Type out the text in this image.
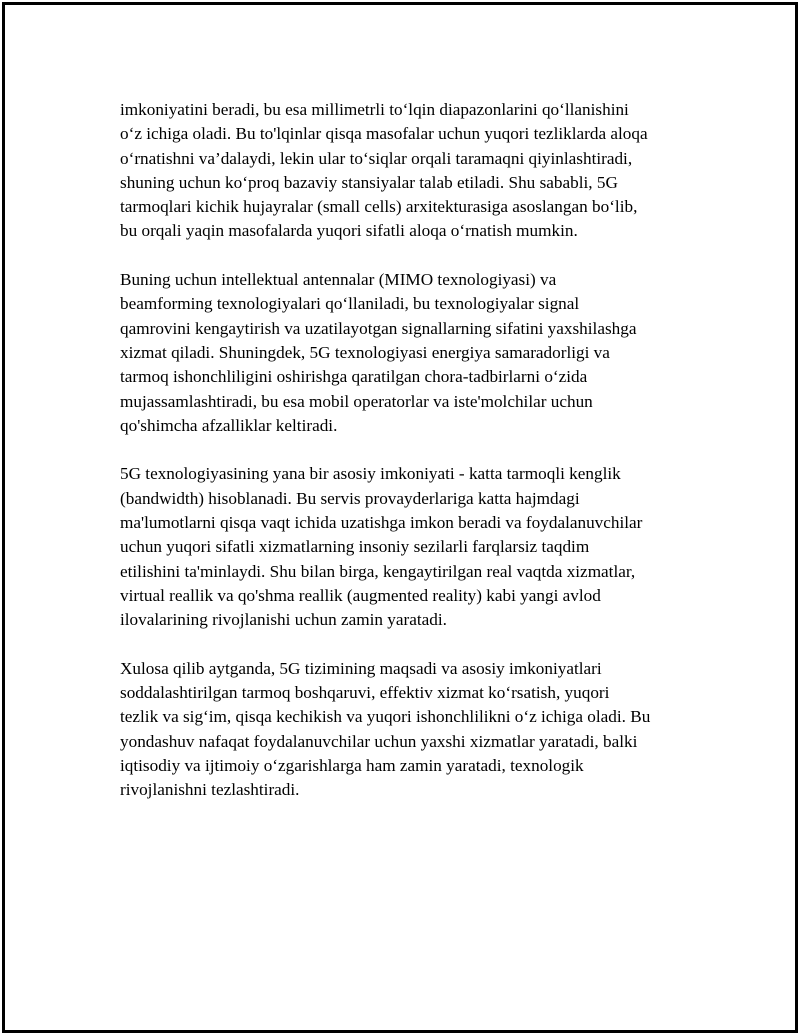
imkoniyatini beradi, bu esa millimetrli to‘lqin diapazonlarini qo‘llanishini
o‘z ichiga oladi. Bu to'lqinlar qisqa masofalar uchun yuqori tezliklarda aloqa
o‘rnatishni va’dalaydi, lekin ular to‘siqlar orqali taramaqni qiyinlashtiradi,
shuning uchun ko‘proq bazaviy stansiyalar talab etiladi. Shu sababli, 5G
tarmoqlari kichik hujayralar (small cells) arxitekturasiga asoslangan bo‘lib,
bu orqali yaqin masofalarda yuqori sifatli aloqa o‘rnatish mumkin.

Buning uchun intellektual antennalar (MIMO texnologiyasi) va
beamforming texnologiyalari qo‘llaniladi, bu texnologiyalar signal
qamrovini kengaytirish va uzatilayotgan signallarning sifatini yaxshilashga
xizmat qiladi. Shuningdek, 5G texnologiyasi energiya samaradorligi va
tarmoq ishonchliligini oshirishga qaratilgan chora-tadbirlarni o‘zida
mujassamlashtiradi, bu esa mobil operatorlar va iste'molchilar uchun
qo'shimcha afzalliklar keltiradi.

5G texnologiyasining yana bir asosiy imkoniyati - katta tarmoqli kenglik
(bandwidth) hisoblanadi. Bu servis provayderlariga katta hajmdagi
ma'lumotlarni qisqa vaqt ichida uzatishga imkon beradi va foydalanuvchilar
uchun yuqori sifatli xizmatlarning insoniy sezilarli farqlarsiz taqdim
etilishini ta'minlaydi. Shu bilan birga, kengaytirilgan real vaqtda xizmatlar,
virtual reallik va qo'shma reallik (augmented reality) kabi yangi avlod
ilovalarining rivojlanishi uchun zamin yaratadi.

Xulosa qilib aytganda, 5G tizimining maqsadi va asosiy imkoniyatlari
soddalashtirilgan tarmoq boshqaruvi, effektiv xizmat ko‘rsatish, yuqori
tezlik va sig‘im, qisqa kechikish va yuqori ishonchlilikni o‘z ichiga oladi. Bu
yondashuv nafaqat foydalanuvchilar uchun yaxshi xizmatlar yaratadi, balki
iqtisodiy va ijtimoiy o‘zgarishlarga ham zamin yaratadi, texnologik
rivojlanishni tezlashtiradi.
